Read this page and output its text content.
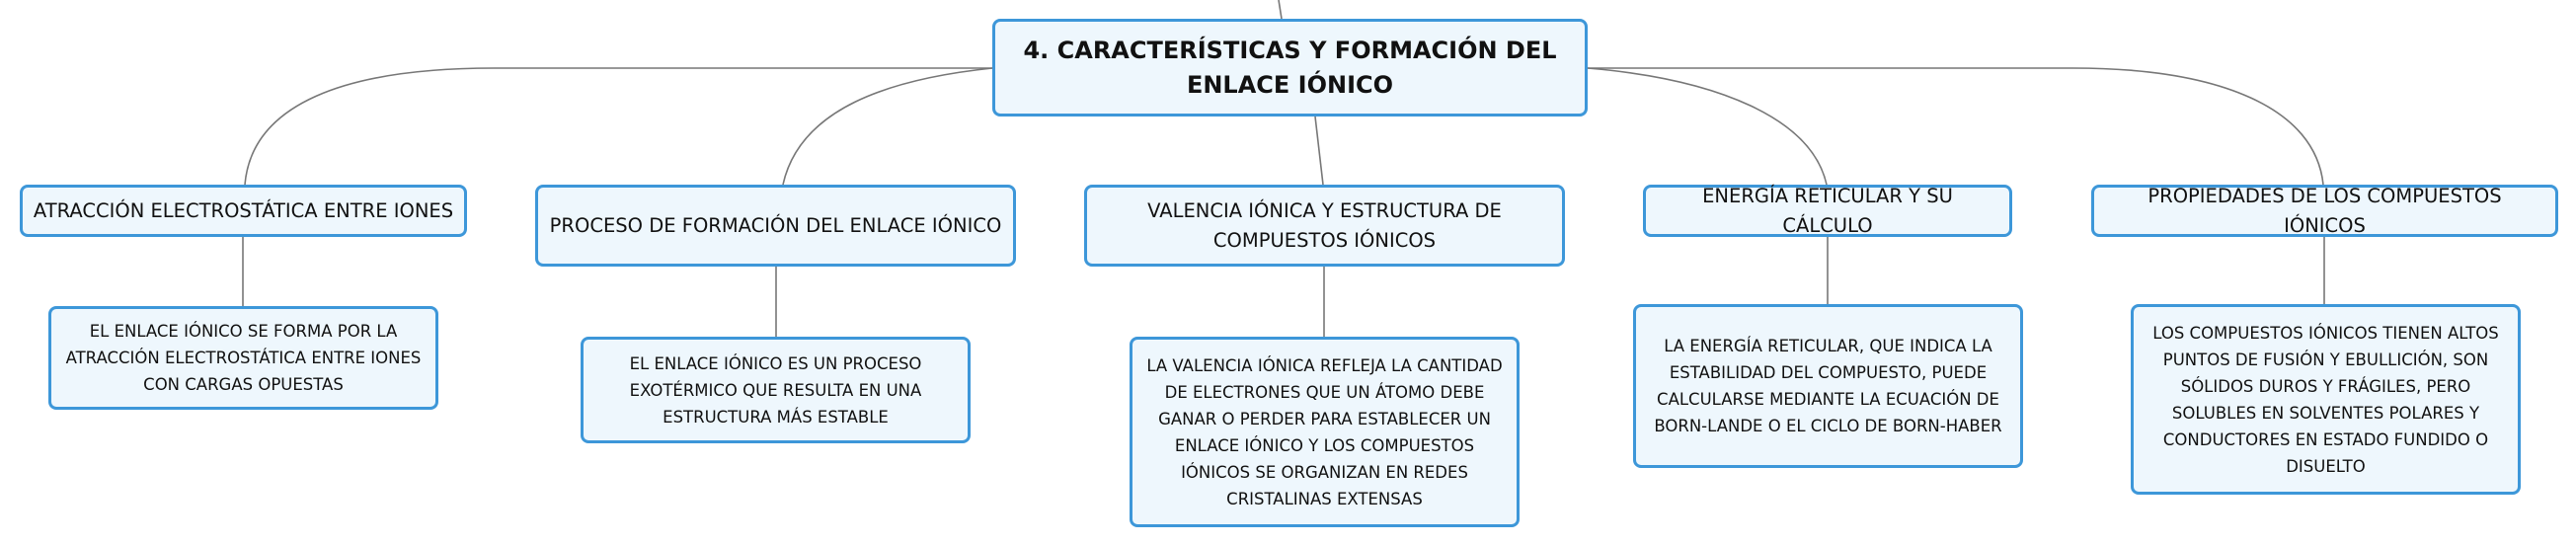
4. CARACTERÍSTICAS Y FORMACIÓN DEL ENLACE IÓNICO
ATRACCIÓN ELECTROSTÁTICA ENTRE IONES
EL ENLACE IÓNICO SE FORMA POR LA ATRACCIÓN ELECTROSTÁTICA ENTRE IONES CON CARGAS OPUESTAS
PROCESO DE FORMACIÓN DEL ENLACE IÓNICO
EL ENLACE IÓNICO ES UN PROCESO EXOTÉRMICO QUE RESULTA EN UNA ESTRUCTURA MÁS ESTABLE
VALENCIA IÓNICA Y ESTRUCTURA DE COMPUESTOS IÓNICOS
LA VALENCIA IÓNICA REFLEJA LA CANTIDAD DE ELECTRONES QUE UN ÁTOMO DEBE GANAR O PERDER PARA ESTABLECER UN ENLACE IÓNICO Y LOS COMPUESTOS IÓNICOS SE ORGANIZAN EN REDES CRISTALINAS EXTENSAS
ENERGÍA RETICULAR Y SU CÁLCULO
LA ENERGÍA RETICULAR, QUE INDICA LA ESTABILIDAD DEL COMPUESTO, PUEDE CALCULARSE MEDIANTE LA ECUACIÓN DE BORN-LANDE O EL CICLO DE BORN-HABER
PROPIEDADES DE LOS COMPUESTOS IÓNICOS
LOS COMPUESTOS IÓNICOS TIENEN ALTOS PUNTOS DE FUSIÓN Y EBULLICIÓN, SON SÓLIDOS DUROS Y FRÁGILES, PERO SOLUBLES EN SOLVENTES POLARES Y CONDUCTORES EN ESTADO FUNDIDO O DISUELTO
